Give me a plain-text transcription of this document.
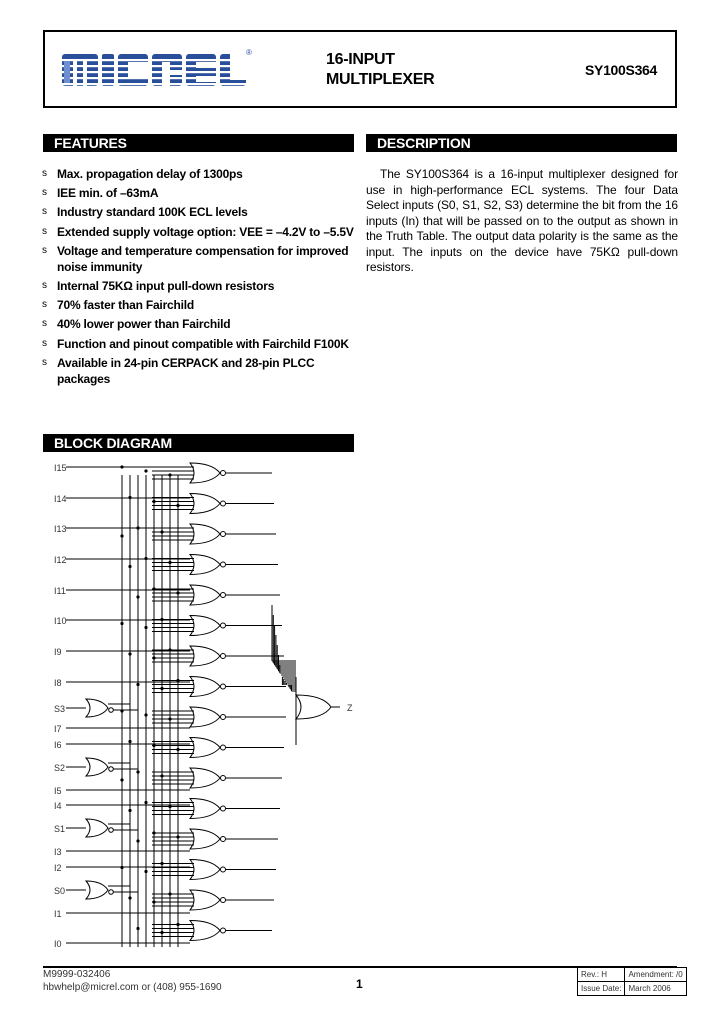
®	16-INPUT
MULTIPLEXER
SY100S364
FEATURES
s Max. propagation delay of 1300ps
s IEE min. of –63mA
s Industry standard 100K ECL levels
s Extended supply voltage option: VEE = –4.2V to –5.5V
s Voltage and temperature compensation for improved noise immunity
s Internal 75KΩ input pull-down resistors
s 70% faster than Fairchild
s 40% lower power than Fairchild
s Function and pinout compatible with Fairchild F100K
s Available in 24-pin CERPACK and 28-pin PLCC packages
DESCRIPTION
The SY100S364 is a 16-input multiplexer designed for use in high-performance ECL systems. The four Data Select inputs (S0, S1, S2, S3) determine the bit from the 16 inputs (In) that will be passed on to the output as shown in the Truth Table. The output data polarity is the same as the input. The inputs on the device have 75KΩ pull-down resistors.
BLOCK DIAGRAM
I15
I14
I13
I12
I11
I10
I9
I8
S3
I7
I6
S2
I5
I4
S1
I3
I2
S0
I1
I0
Z
M9999-032406
hbwhelp@micrel.com or (408) 955-1690	1
Rev.: H	Amendment: /0
Issue Date:	March 2006
